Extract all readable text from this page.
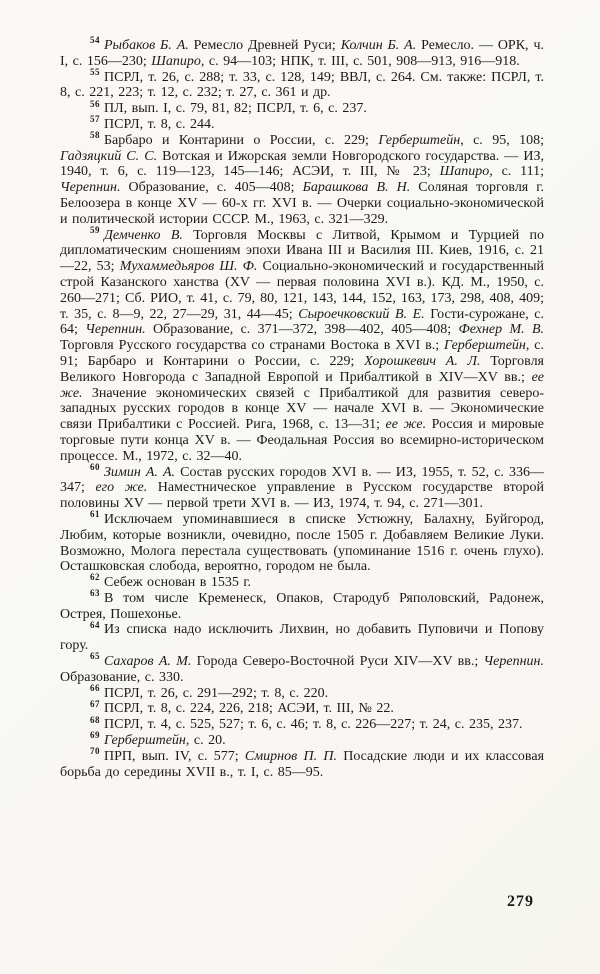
$^{54}$ Рыбаков Б. А. Ремесло Древней Руси; Колчин Б. А. Ремесло. — ОРК, ч. I, с. 156—230; Шапиро, с. 94—103; НПК, т. III, с. 501, 908—913, 916—918.

$^{55}$ ПСРЛ, т. 26, с. 288; т. 33, с. 128, 149; ВВЛ, с. 264. См. также: ПСРЛ, т. 8, с. 221, 223; т. 12, с. 232; т. 27, с. 361 и др.

$^{56}$ ПЛ, вып. I, с. 79, 81, 82; ПСРЛ, т. 6, с. 237.

$^{57}$ ПСРЛ, т. 8, с. 244.

$^{58}$ Барбаро и Контарини о России, с. 229; Герберштейн, с. 95, 108; Гадзяцкий С. С. Вотская и Ижорская земли Новгородского государства. — ИЗ, 1940, т. 6, с. 119—123, 145—146; АСЭИ, т. III, № 23; Шапиро, с. 111; Черепнин. Образование, с. 405—408; Барашкова В. Н. Соляная торговля г. Белоозера в конце XV — 60-х гг. XVI в. — Очерки социально-экономической и политической истории СССР. М., 1963, с. 321—329.

$^{59}$ Демченко В. Торговля Москвы с Литвой, Крымом и Турцией по дипломатическим сношениям эпохи Ивана III и Василия III. Киев, 1916, с. 21—22, 53; Мухаммедьяров Ш. Ф. Социально-экономический и государственный строй Казанского ханства (XV — первая половина XVI в.). КД. М., 1950, с. 260—271; Сб. РИО, т. 41, с. 79, 80, 121, 143, 144, 152, 163, 173, 298, 408, 409; т. 35, с. 8—9, 22, 27—29, 31, 44—45; Сыроечковский В. Е. Гости-сурожане, с. 64; Черепнин. Образование, с. 371—372, 398—402, 405—408; Фехнер М. В. Торговля Русского государства со странами Востока в XVI в.; Герберштейн, с. 91; Барбаро и Контарини о России, с. 229; Хорошкевич А. Л. Торговля Великого Новгорода с Западной Европой и Прибалтикой в XIV—XV вв.; ее же. Значение экономических связей с Прибалтикой для развития северо-западных русских городов в конце XV — начале XVI в. — Экономические связи Прибалтики с Россией. Рига, 1968, с. 13—31; ее же. Россия и мировые торговые пути конца XV в. — Феодальная Россия во всемирно-историческом процессе. М., 1972, с. 32—40.

$^{60}$ Зимин А. А. Состав русских городов XVI в. — ИЗ, 1955, т. 52, с. 336—347; его же. Наместническое управление в Русском государстве второй половины XV — первой трети XVI в. — ИЗ, 1974, т. 94, с. 271—301.

$^{61}$ Исключаем упоминавшиеся в списке Устюжну, Балахну, Буйгород, Любим, которые возникли, очевидно, после 1505 г. Добавляем Великие Луки. Возможно, Молога перестала существовать (упоминание 1516 г. очень глухо). Осташковская слобода, вероятно, городом не была.

$^{62}$ Себеж основан в 1535 г.

$^{63}$ В том числе Кременеск, Опаков, Стародуб Ряполовский, Радонеж, Острея, Пошехонье.

$^{64}$ Из списка надо исключить Лихвин, но добавить Пуповичи и Попову гору.

$^{65}$ Сахаров А. М. Города Северо-Восточной Руси XIV—XV вв.; Черепнин. Образование, с. 330.

$^{66}$ ПСРЛ, т. 26, с. 291—292; т. 8, с. 220.

$^{67}$ ПСРЛ, т. 8, с. 224, 226, 218; АСЭИ, т. III, № 22.

$^{68}$ ПСРЛ, т. 4, с. 525, 527; т. 6, с. 46; т. 8, с. 226—227; т. 24, с. 235, 237.

$^{69}$ Герберштейн, с. 20.

$^{70}$ ПРП, вып. IV, с. 577; Смирнов П. П. Посадские люди и их классовая борьба до середины XVII в., т. I, с. 85—95.

279
